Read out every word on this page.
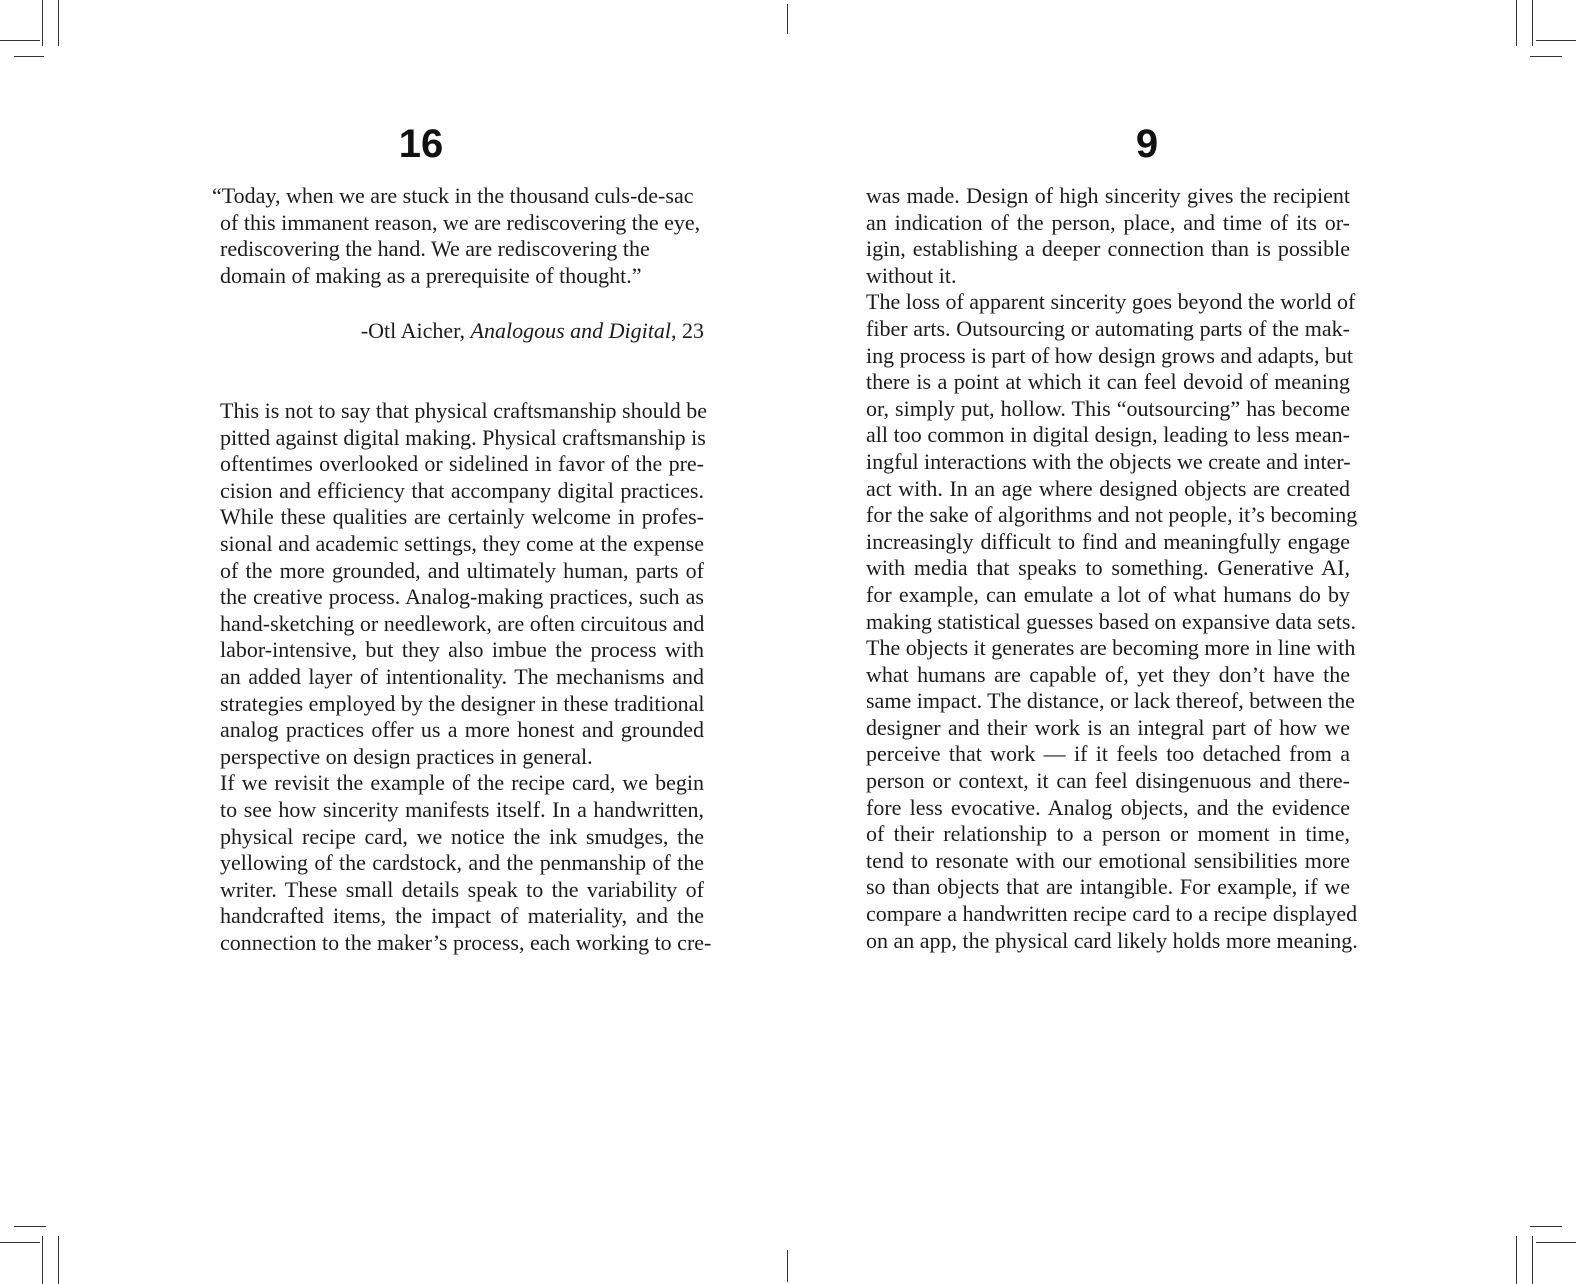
16
“Today, when we are stuck in the thousand culs-de-sac
of this immanent reason, we are rediscovering the eye,
rediscovering the hand. We are rediscovering the
domain of making as a prerequisite of thought.”
-Otl Aicher, Analogous and Digital, 23
This is not to say that physical craftsmanship should be
pitted against digital making. Physical craftsmanship is
oftentimes overlooked or sidelined in favor of the pre-
cision and efficiency that accompany digital practices.
While these qualities are certainly welcome in profes-
sional and academic settings, they come at the expense
of the more grounded, and ultimately human, parts of
the creative process. Analog-making practices, such as
hand-sketching or needlework, are often circuitous and
labor-intensive, but they also imbue the process with
an added layer of intentionality. The mechanisms and
strategies employed by the designer in these traditional
analog practices offer us a more honest and grounded
perspective on design practices in general.
If we revisit the example of the recipe card, we begin
to see how sincerity manifests itself. In a handwritten,
physical recipe card, we notice the ink smudges, the
yellowing of the cardstock, and the penmanship of the
writer. These small details speak to the variability of
handcrafted items, the impact of materiality, and the
connection to the maker’s process, each working to cre-
9
was made. Design of high sincerity gives the recipient
an indication of the person, place, and time of its or-
igin, establishing a deeper connection than is possible
without it.
The loss of apparent sincerity goes beyond the world of
fiber arts. Outsourcing or automating parts of the mak-
ing process is part of how design grows and adapts, but
there is a point at which it can feel devoid of meaning
or, simply put, hollow. This “outsourcing” has become
all too common in digital design, leading to less mean-
ingful interactions with the objects we create and inter-
act with. In an age where designed objects are created
for the sake of algorithms and not people, it’s becoming
increasingly difficult to find and meaningfully engage
with media that speaks to something. Generative AI,
for example, can emulate a lot of what humans do by
making statistical guesses based on expansive data sets.
The objects it generates are becoming more in line with
what humans are capable of, yet they don’t have the
same impact. The distance, or lack thereof, between the
designer and their work is an integral part of how we
perceive that work — if it feels too detached from a
person or context, it can feel disingenuous and there-
fore less evocative. Analog objects, and the evidence
of their relationship to a person or moment in time,
tend to resonate with our emotional sensibilities more
so than objects that are intangible. For example, if we
compare a handwritten recipe card to a recipe displayed
on an app, the physical card likely holds more meaning.
